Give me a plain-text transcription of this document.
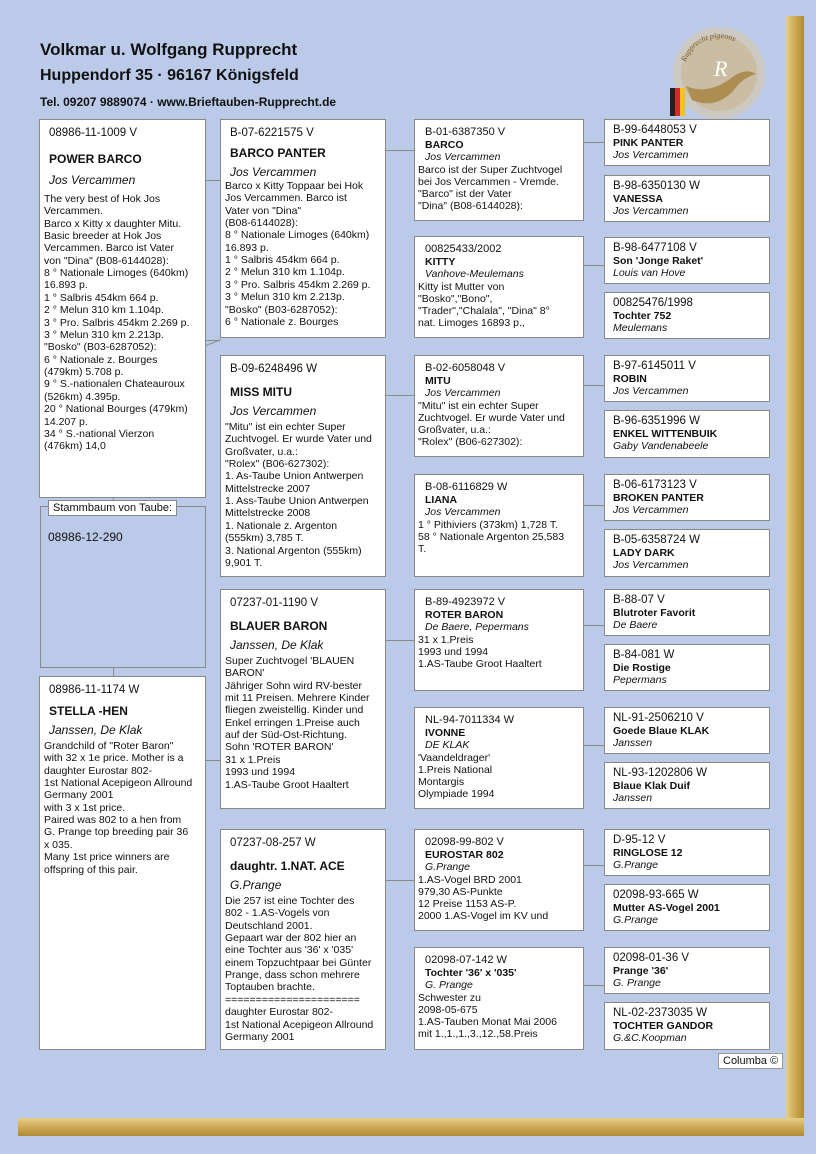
Volkmar u. Wolfgang Rupprecht
Huppendorf 35 · 96167 Königsfeld
Tel. 09207 9889074 · www.Brieftauben-Rupprecht.de
Rupprecht pigeons
R
08986-11-1009 V
POWER BARCO
Jos Vercammen
The very best of Hok Jos
Vercammen.
Barco x Kitty x daughter Mitu.
Basic breeder at Hok Jos
Vercammen. Barco ist Vater
von "Dina" (B08-6144028):
8 ° Nationale Limoges (640km)
16.893 p.
1 ° Salbris 454km 664 p.
2 ° Melun 310 km 1.104p.
3 ° Pro. Salbris 454km 2.269 p.
3 ° Melun 310 km 2.213p.
"Bosko" (B03-6287052):
6 ° Nationale z. Bourges
(479km) 5.708 p.
9 ° S.-nationalen Chateauroux
(526km) 4.395p.
20 ° National Bourges (479km)
14.207 p.
34 ° S.-national Vierzon
(476km) 14,0
Stammbaum von Taube:
08986-12-290
08986-11-1174 W
STELLA -HEN
Janssen, De Klak
Grandchild of "Roter Baron"
with 32 x 1e price. Mother is a
daughter Eurostar 802-
1st National Acepigeon Allround
Germany 2001
with 3 x 1st price.
Paired was 802 to a hen from
G. Prange top breeding pair 36
x 035.
Many 1st price winners are
offspring of this pair.
B-07-6221575 V
BARCO PANTER
Jos Vercammen
Barco x Kitty Toppaar bei Hok
Jos Vercammen. Barco ist
Vater von "Dina"
(B08-6144028):
8 ° Nationale Limoges (640km)
16.893 p.
1 ° Salbris 454km 664 p.
2 ° Melun 310 km 1.104p.
3 ° Pro. Salbris 454km 2.269 p.
3 ° Melun 310 km 2.213p.
"Bosko" (B03-6287052):
6 ° Nationale z. Bourges
B-09-6248496 W
MISS MITU
Jos Vercammen
"Mitu" ist ein echter Super
Zuchtvogel. Er wurde Vater und
Großvater, u.a.:
"Rolex" (B06-627302):
1. As-Taube Union Antwerpen
Mittelstrecke 2007
1. Ass-Taube Union Antwerpen
Mittelstrecke 2008
1. Nationale z. Argenton
(555km) 3,785 T.
3. National Argenton (555km)
9,901 T.
07237-01-1190 V
BLAUER BARON
Janssen, De Klak
Super Zuchtvogel 'BLAUEN
BARON'
Jähriger Sohn wird RV-bester
mit 11 Preisen. Mehrere Kinder
fliegen zweistellig. Kinder und
Enkel erringen 1.Preise auch
auf der Süd-Ost-Richtung.
Sohn 'ROTER BARON'
31 x 1.Preis
1993 und 1994
1.AS-Taube Groot Haaltert
07237-08-257 W
daughtr. 1.NAT. ACE
G.Prange
Die 257 ist eine Tochter des
802 - 1.AS-Vogels von
Deutschland 2001.
Gepaart war der 802 hier an
eine Tochter aus '36' x '035'
einem Topzuchtpaar bei Günter
Prange, dass schon mehrere
Toptauben brachte.
======================
daughter Eurostar 802-
1st National Acepigeon Allround
Germany 2001
B-01-6387350 V
BARCO
Jos Vercammen
Barco ist der Super Zuchtvogel
bei Jos Vercammen - Vremde.
"Barco" ist der Vater
"Dina" (B08-6144028):
00825433/2002
KITTY
Vanhove-Meulemans
Kitty ist Mutter von
"Bosko","Bono",
"Trader","Chalala", "Dina" 8°
nat. Limoges 16893 p.,
B-02-6058048 V
MITU
Jos Vercammen
"Mitu" ist ein echter Super
Zuchtvogel. Er wurde Vater und
Großvater, u.a.:
"Rolex" (B06-627302):
B-08-6116829 W
LIANA
Jos Vercammen
1 ° Pithiviers (373km) 1,728 T.
58 ° Nationale Argenton 25,583
T.
B-89-4923972 V
ROTER BARON
De Baere, Pepermans
31 x 1.Preis
1993 und 1994
1.AS-Taube Groot Haaltert
NL-94-7011334 W
IVONNE
DE KLAK
'Vaandeldrager'
1.Preis National
Montargis
Olympiade 1994
02098-99-802 V
EUROSTAR 802
G.Prange
1.AS-Vogel BRD 2001
979,30 AS-Punkte
12 Preise 1153 AS-P.
2000 1.AS-Vogel im KV und
02098-07-142 W
Tochter '36' x '035'
G. Prange
Schwester zu
2098-05-675
1.AS-Tauben Monat Mai 2006
mit 1.,1.,1.,3.,12.,58.Preis
B-99-6448053 V
PINK PANTER
Jos Vercammen
B-98-6350130 W
VANESSA
Jos Vercammen
B-98-6477108 V
Son 'Jonge Raket'
Louis van Hove
00825476/1998
Tochter 752
Meulemans
B-97-6145011 V
ROBIN
Jos Vercammen
B-96-6351996 W
ENKEL WITTENBUIK
Gaby Vandenabeele
B-06-6173123 V
BROKEN PANTER
Jos Vercammen
B-05-6358724 W
LADY DARK
Jos Vercammen
B-88-07 V
Blutroter Favorit
De Baere
B-84-081 W
Die Rostige
Pepermans
NL-91-2506210 V
Goede Blaue KLAK
Janssen
NL-93-1202806 W
Blaue Klak Duif
Janssen
D-95-12 V
RINGLOSE 12
G.Prange
02098-93-665 W
Mutter AS-Vogel 2001
G.Prange
02098-01-36 V
Prange '36'
G. Prange
NL-02-2373035 W
TOCHTER GANDOR
G.&C.Koopman
Columba ©
